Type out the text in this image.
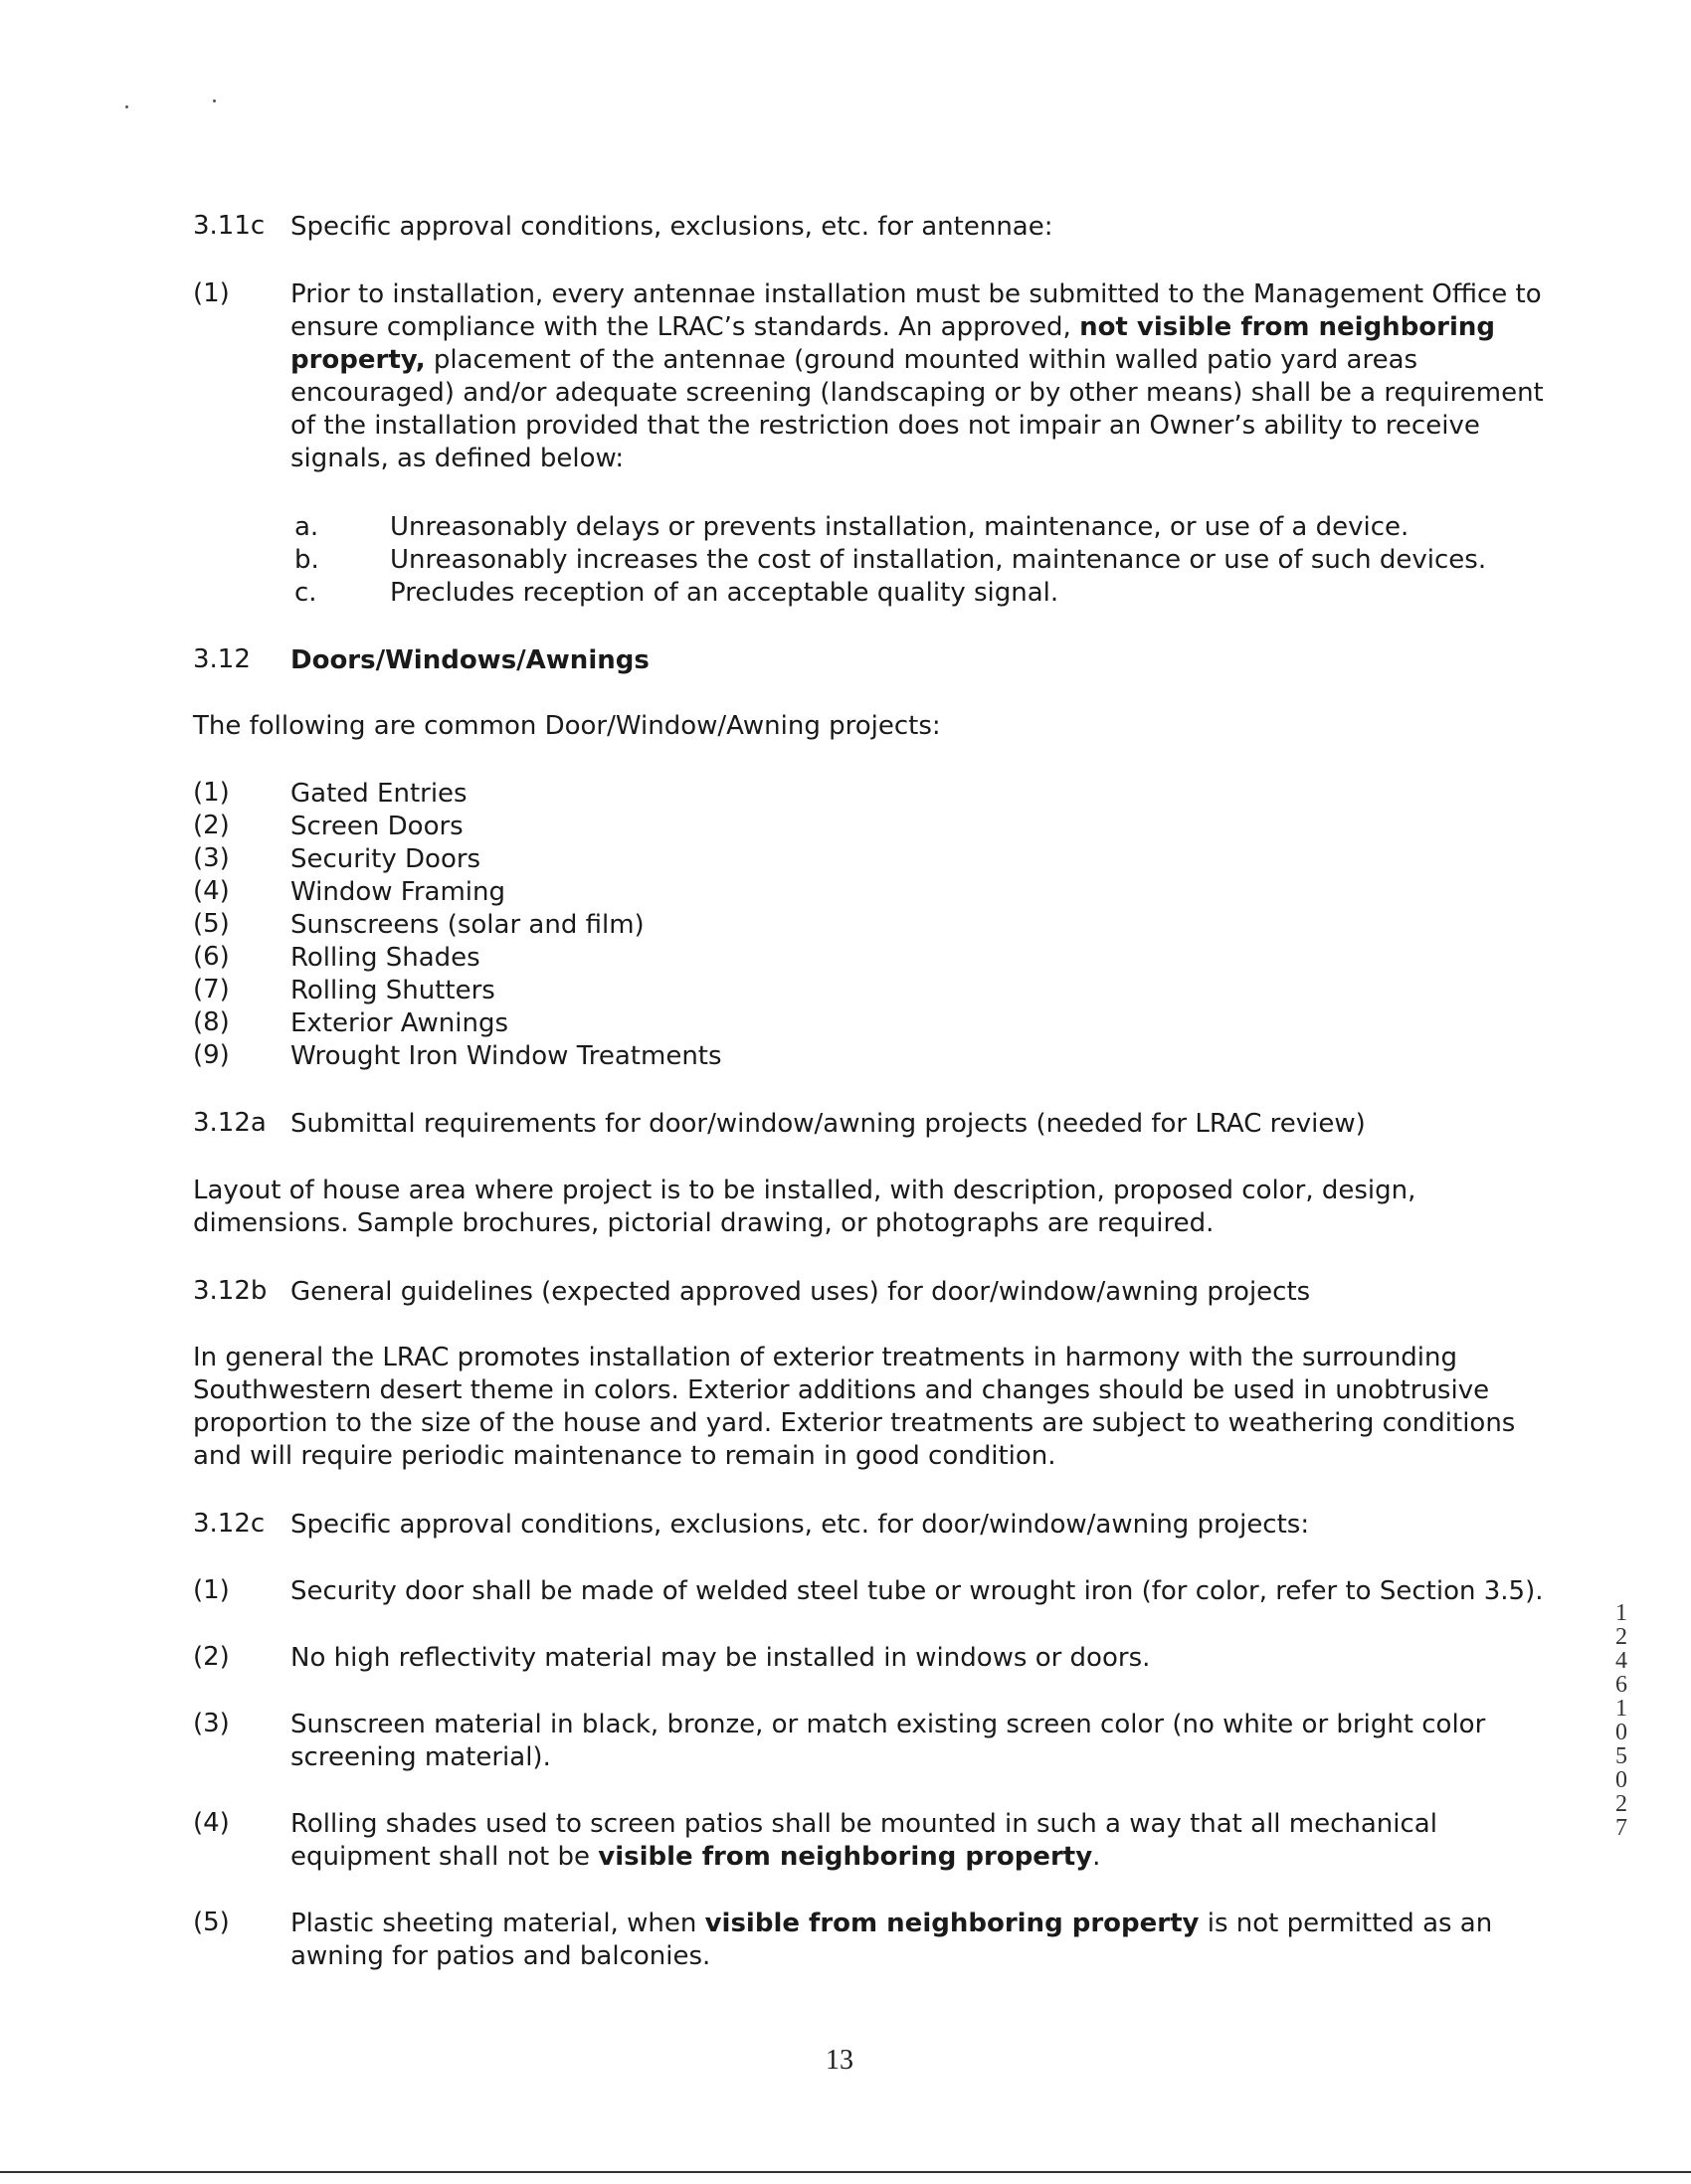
3.11c Specific approval conditions, exclusions, etc. for antennae:
(1) Prior to installation, every antennae installation must be submitted to the Management Office to
ensure compliance with the LRAC’s standards. An approved, not visible from neighboring
property, placement of the antennae (ground mounted within walled patio yard areas
encouraged) and/or adequate screening (landscaping or by other means) shall be a requirement
of the installation provided that the restriction does not impair an Owner’s ability to receive
signals, as defined below:
a.	Unreasonably delays or prevents installation, maintenance, or use of a device.
b.	Unreasonably increases the cost of installation, maintenance or use of such devices.
c.	Precludes reception of an acceptable quality signal.
3.12 Doors/Windows/Awnings
The following are common Door/Window/Awning projects:
(1) Gated Entries
(2) Screen Doors
(3) Security Doors
(4) Window Framing
(5) Sunscreens (solar and film)
(6) Rolling Shades
(7) Rolling Shutters
(8) Exterior Awnings
(9) Wrought Iron Window Treatments
3.12a Submittal requirements for door/window/awning projects (needed for LRAC review)
Layout of house area where project is to be installed, with description, proposed color, design,
dimensions. Sample brochures, pictorial drawing, or photographs are required.
3.12b General guidelines (expected approved uses) for door/window/awning projects
In general the LRAC promotes installation of exterior treatments in harmony with the surrounding
Southwestern desert theme in colors. Exterior additions and changes should be used in unobtrusive
proportion to the size of the house and yard. Exterior treatments are subject to weathering conditions
and will require periodic maintenance to remain in good condition.
3.12c Specific approval conditions, exclusions, etc. for door/window/awning projects:
(1) Security door shall be made of welded steel tube or wrought iron (for color, refer to Section 3.5).
(2) No high reflectivity material may be installed in windows or doors.
(3) Sunscreen material in black, bronze, or match existing screen color (no white or bright color
screening material).
(4) Rolling shades used to screen patios shall be mounted in such a way that all mechanical
equipment shall not be visible from neighboring property.
(5) Plastic sheeting material, when visible from neighboring property is not permitted as an
awning for patios and balconies.
13
1
2
4
6
1
0
5
0
2
7
